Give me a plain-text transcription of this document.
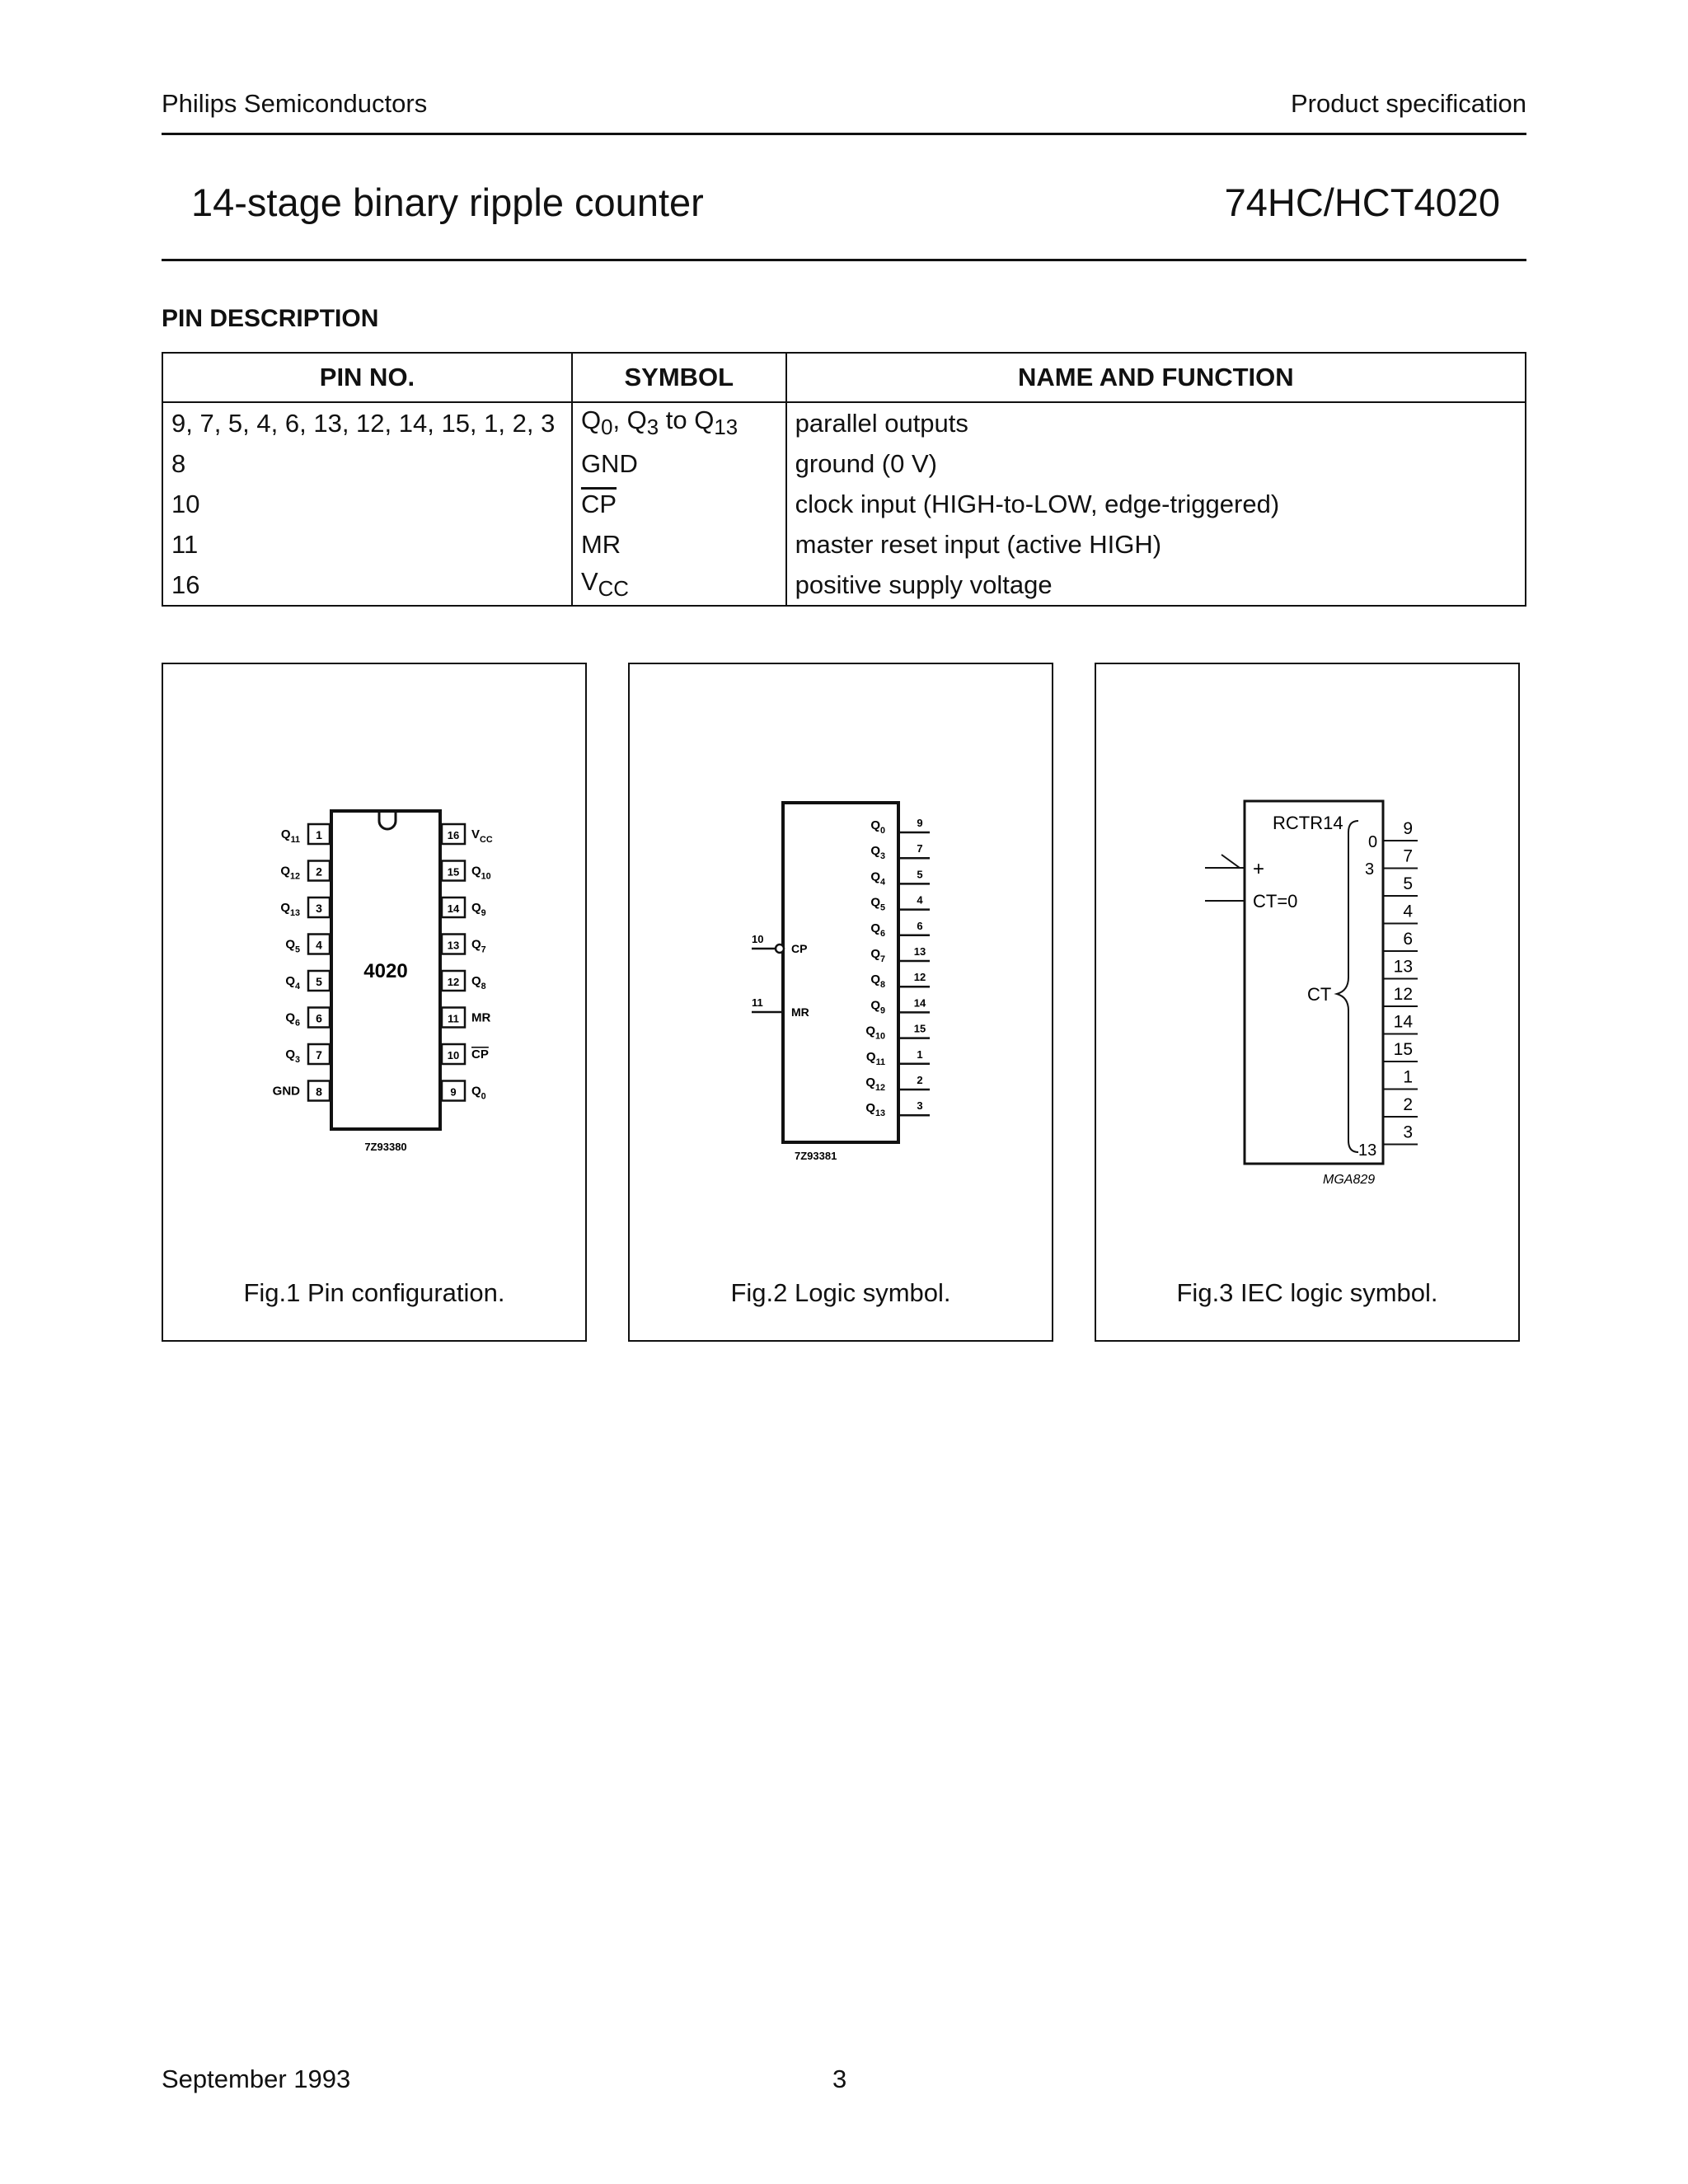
Philips Semiconductors	Product specification
14-stage binary ripple counter	74HC/HCT4020
PIN DESCRIPTION
PIN NO.	SYMBOL	NAME AND FUNCTION
9, 7, 5, 4, 6, 13, 12, 14, 15, 1, 2, 3	$Q_0$, $Q_3$ to $Q_{13}$	parallel outputs
8	GND	ground (0 V)
10	$\overline{CP}$	clock input (HIGH-to-LOW, edge-triggered)
11	MR	master reset input (active HIGH)
16	$V_{CC}$	positive supply voltage
4020
1
$Q_{11}$
2
$Q_{12}$
3
$Q_{13}$
4
$Q_5$
5
$Q_4$
6
$Q_6$
7
$Q_3$
8
GND
16 $V_{CC}$
15 $Q_{10}$
14 $Q_9$
13 $Q_7$
12 $Q_8$
11 MR
10 CP
9 $Q_0$
7Z93380
Fig.1 Pin configuration.
$Q_0$
9
$Q_3$
7
$Q_4$
5
$Q_5$
4
$Q_6$
6
$Q_7$
13
$Q_8$
12
$Q_9$
14
$Q_{10}$
15
$Q_{11}$
1
$Q_{12}$
2
$Q_{13}$
3
10
CP
11
MR
7Z93381
Fig.2 Logic symbol.
RCTR14
+
CT=0
CT
0
3
13
9
7
5
4
6
13
12
14
15
1
2
3
MGA829
Fig.3 IEC logic symbol.
September 1993	3
